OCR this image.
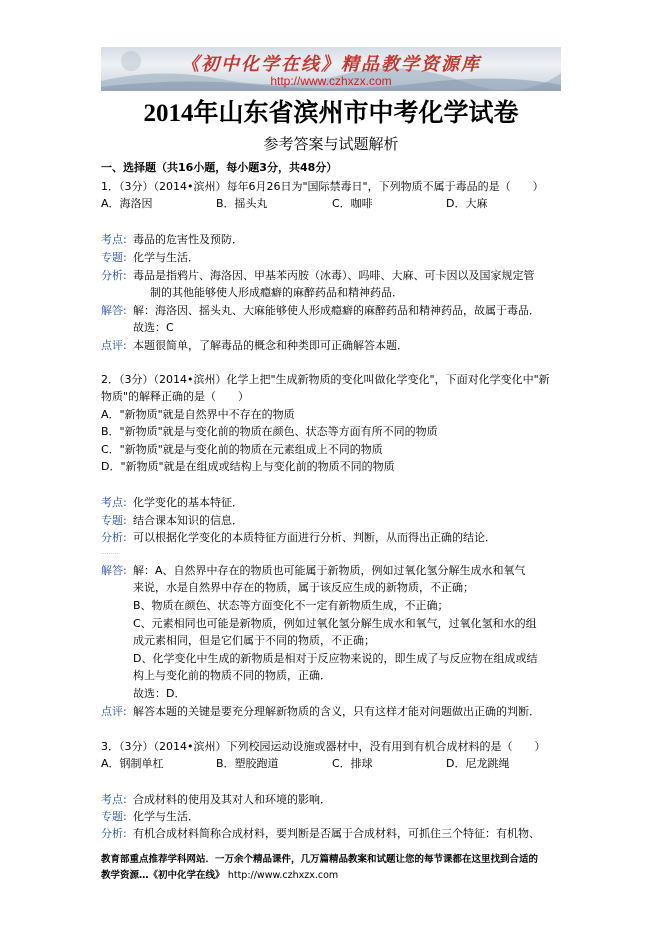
《初中化学在线》精品教学资源库
http://www.czhxzx.com
2014年山东省滨州市中考化学试卷
参考答案与试题解析
一、选择题（共16小题，每小题3分，共48分）
1．（3分）（2014•滨州）每年6月26日为"国际禁毒日"，下列物质不属于毒品的是（　　）
A．海洛因	B．摇头丸	C．咖啡	D．大麻
考点: 毒品的危害性及预防．
专题: 化学与生活．
分析: 毒品是指鸦片、海洛因、甲基苯丙胺（冰毒）、吗啡、大麻、可卡因以及国家规定管
制的其他能够使人形成瘾癖的麻醉药品和精神药品．
解答: 解：海洛因、摇头丸、大麻能够使人形成瘾癖的麻醉药品和精神药品，故属于毒品．
故选：C
点评: 本题很简单，了解毒品的概念和种类即可正确解答本题．
2．（3分）（2014•滨州）化学上把"生成新物质的变化叫做化学变化"，下面对化学变化中"新
物质"的解释正确的是（　　）
A．"新物质"就是自然界中不存在的物质
B．"新物质"就是与变化前的物质在颜色、状态等方面有所不同的物质
C．"新物质"就是与变化前的物质在元素组成上不同的物质
D．"新物质"就是在组成或结构上与变化前的物质不同的物质
考点: 化学变化的基本特征．
专题: 结合课本知识的信息．
分析: 可以根据化学变化的本质特征方面进行分析、判断，从而得出正确的结论．
..........
解答: 解：A、自然界中存在的物质也可能属于新物质，例如过氧化氢分解生成水和氧气
来说，水是自然界中存在的物质，属于该反应生成的新物质，不正确；
B、物质在颜色、状态等方面变化不一定有新物质生成，不正确；
C、元素相同也可能是新物质，例如过氧化氢分解生成水和氧气，过氧化氢和水的组
成元素相同，但是它们属于不同的物质，不正确；
D、化学变化中生成的新物质是相对于反应物来说的，即生成了与反应物在组成或结
构上与变化前的物质不同的物质，正确．
故选：D．
点评: 解答本题的关键是要充分理解新物质的含义，只有这样才能对问题做出正确的判断．
3．（3分）（2014•滨州）下列校园运动设施或器材中，没有用到有机合成材料的是（　　）
A．钢制单杠	B．塑胶跑道	C．排球	D．尼龙跳绳
考点: 合成材料的使用及其对人和环境的影响．
专题: 化学与生活．
分析: 有机合成材料简称合成材料，要判断是否属于合成材料，可抓住三个特征：有机物、
教育部重点推荐学科网站．一万余个精品课件，几万篇精品教案和试题让您的每节课都在这里找到合适的
教学资源…《初中化学在线》 http://www.czhxzx.com
